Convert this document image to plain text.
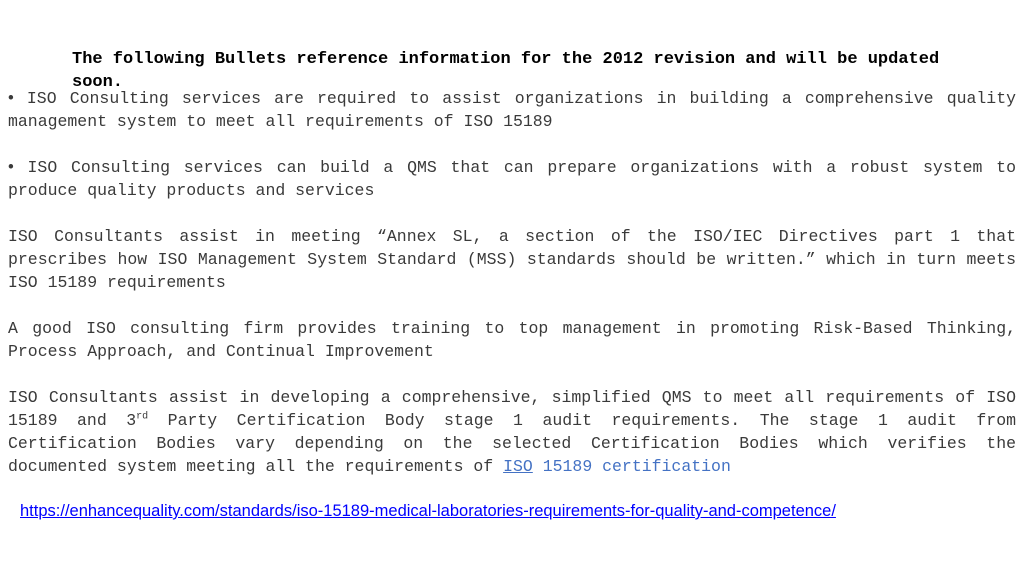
The following Bullets reference information for the 2012 revision and will be updated soon.
• ISO Consulting services are required to assist organizations in building a comprehensive quality management system to meet all requirements of ISO 15189
• ISO Consulting services can build a QMS that can prepare organizations with a robust system to produce quality products and services
ISO Consultants assist in meeting “Annex SL, a section of the ISO/IEC Directives part 1 that prescribes how ISO Management System Standard (MSS) standards should be written.” which in turn meets ISO 15189 requirements
A good ISO consulting firm provides training to top management in promoting Risk-Based Thinking, Process Approach, and Continual Improvement
ISO Consultants assist in developing a comprehensive, simplified QMS to meet all requirements of ISO 15189 and 3rd Party Certification Body stage 1 audit requirements. The stage 1 audit from Certification Bodies vary depending on the selected Certification Bodies which verifies the documented system meeting all the requirements of ISO 15189 certification
https://enhancequality.com/standards/iso-15189-medical-laboratories-requirements-for-quality-and-competence/
